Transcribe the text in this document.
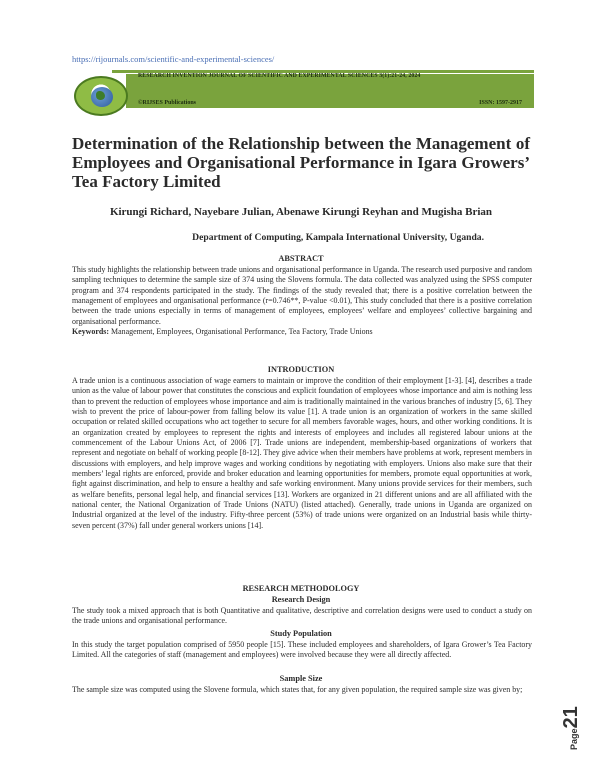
https://rijournals.com/scientific-and-experimental-sciences/
RESEARCH INVENTION JOURNAL OF SCIENTIFIC AND EXPERIMENTAL SCIENCES 3(1):21-24, 2024
©RIJSES Publications	ISSN: 1597-2917
Determination of the Relationship between the Management of Employees and Organisational Performance in Igara Growers’ Tea Factory Limited
Kirungi Richard, Nayebare Julian, Abenawe Kirungi Reyhan and Mugisha Brian
Department of Computing, Kampala International University, Uganda.
ABSTRACT
This study highlights the relationship between trade unions and organisational performance in Uganda. The research used purposive and random sampling techniques to determine the sample size of 374 using the Slovens formula. The data collected was analyzed using the SPSS computer program and 374 respondents participated in the study. The findings of the study revealed that; there is a positive correlation between the management of employees and organisational performance (r=0.746**, P-value <0.01), This study concluded that there is a positive correlation between the trade unions especially in terms of management of employees, employees’ welfare and employees’ collective bargaining and organisational performance.
Keywords: Management, Employees, Organisational Performance, Tea Factory, Trade Unions
INTRODUCTION
A trade union is a continuous association of wage earners to maintain or improve the condition of their employment [1-3]. [4], describes a trade union as the value of labour power that constitutes the conscious and explicit foundation of employees whose importance and aim is nothing less than to prevent the reduction of employees whose importance and aim is traditionally maintained in the various branches of industry [5, 6]. They wish to prevent the price of labour-power from falling below its value [1]. A trade union is an organization of workers in the same skilled occupation or related skilled occupations who act together to secure for all members favorable wages, hours, and other working conditions. It is an organization created by employees to represent the rights and interests of employees and includes all registered labour unions at the commencement of the Labour Unions Act, of 2006 [7]. Trade unions are independent, membership-based organizations of workers that represent and negotiate on behalf of working people [8-12]. They give advice when their members have problems at work, represent members in discussions with employers, and help improve wages and working conditions by negotiating with employers. Unions also make sure that their members’ legal rights are enforced, provide and broker education and learning opportunities for members, promote equal opportunities at work, fight against discrimination, and help to ensure a healthy and safe working environment. Many unions provide services for their members, such as welfare benefits, personal legal help, and financial services [13]. Workers are organized in 21 different unions and are all affiliated with the national center, the National Organization of Trade Unions (NATU) (listed attached). Generally, trade unions in Uganda are organized on Industrial organized at the level of the industry. Fifty-three percent (53%) of trade unions were organized on an Industrial basis while thirty-seven percent (37%) fall under general workers unions [14].
RESEARCH METHODOLOGY
Research Design
The study took a mixed approach that is both Quantitative and qualitative, descriptive and correlation designs were used to conduct a study on the trade unions and organisational performance.
Study Population
In this study the target population comprised of 5950 people [15]. These included employees and shareholders, of Igara Grower’s Tea Factory Limited. All the categories of staff (management and employees) were involved because they were all directly affected.
Sample Size
The sample size was computed using the Slovene formula, which states that, for any given population, the required sample size was given by;
Page21
